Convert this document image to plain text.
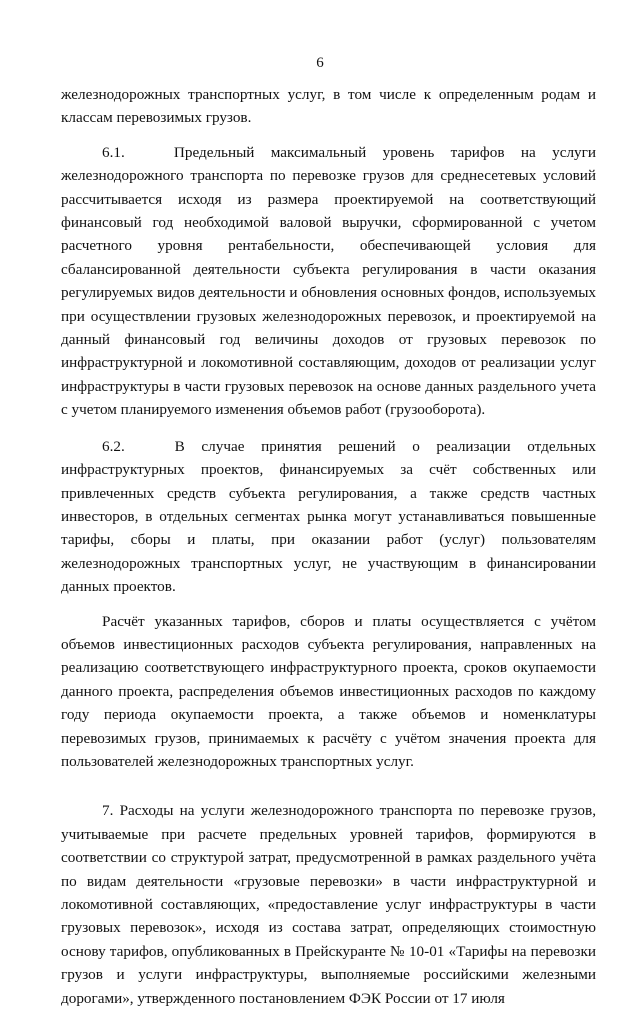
6

железнодорожных транспортных услуг, в том числе к определенным родам и классам перевозимых грузов.

6.1.   Предельный максимальный уровень тарифов на услуги железнодорожного транспорта по перевозке грузов для среднесетевых условий рассчитывается исходя из размера проектируемой на соответствующий финансовый год необходимой валовой выручки, сформированной с учетом расчетного уровня рентабельности, обеспечивающей условия для сбалансированной деятельности субъекта регулирования в части оказания регулируемых видов деятельности и обновления основных фондов, используемых при осуществлении грузовых железнодорожных перевозок, и проектируемой на данный финансовый год величины доходов от грузовых перевозок по инфраструктурной и локомотивной составляющим, доходов от реализации услуг инфраструктуры в части грузовых перевозок на основе данных раздельного учета с учетом планируемого изменения объемов работ (грузооборота).

6.2.   В случае принятия решений о реализации отдельных инфраструктурных проектов, финансируемых за счёт собственных или привлеченных средств субъекта регулирования, а также средств частных инвесторов, в отдельных сегментах рынка могут устанавливаться повышенные тарифы, сборы и платы, при оказании работ (услуг) пользователям железнодорожных транспортных услуг, не участвующим в финансировании данных проектов.

Расчёт указанных тарифов, сборов и платы осуществляется с учётом объемов инвестиционных расходов субъекта регулирования, направленных на реализацию соответствующего инфраструктурного проекта, сроков окупаемости данного проекта, распределения объемов инвестиционных расходов по каждому году периода окупаемости проекта, а также объемов и номенклатуры перевозимых грузов, принимаемых к расчёту с учётом значения проекта для пользователей железнодорожных транспортных услуг.

7. Расходы на услуги железнодорожного транспорта по перевозке грузов, учитываемые при расчете предельных уровней тарифов, формируются в соответствии со структурой затрат, предусмотренной в рамках раздельного учёта по видам деятельности «грузовые перевозки» в части инфраструктурной и локомотивной составляющих, «предоставление услуг инфраструктуры в части грузовых перевозок», исходя из состава затрат, определяющих стоимостную основу тарифов, опубликованных в Прейскуранте № 10-01 «Тарифы на перевозки грузов и услуги инфраструктуры, выполняемые российскими железными дорогами», утвержденного постановлением ФЭК России от 17 июля
